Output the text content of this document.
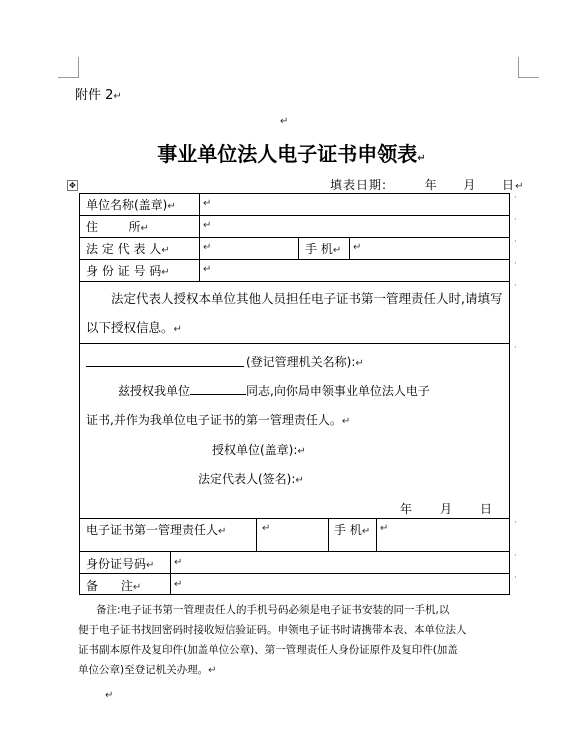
附件 2↵
↵
事业单位法人电子证书申领表↵
✥	填表日期:	年 月 日↵
单位名称(盖章)↵	↵
住        所↵	↵
法 定 代 表 人↵	↵	手 机↵ ↵
身 份 证 号 码↵	↵
法定代表人授权本单位其他人员担任电子证书第一管理责任人时,请填写以下授权信息。↵
(登记管理机关名称):↵
兹授权我单位	同志,向你局申领事业单位法人电子
证书,并作为我单位电子证书的第一管理责任人。↵
授权单位(盖章):↵
法定代表人(签名):↵
年 月 日
电子证书第一管理责任人↵	↵	手 机↵ ↵
身份证号码↵ ↵
备      注↵	↵
备注:电子证书第一管理责任人的手机号码必须是电子证书安装的同一手机,以
便于电子证书找回密码时接收短信验证码。申领电子证书时请携带本表、本单位法人
证书副本原件及复印件(加盖单位公章)、第一管理责任人身份证原件及复印件(加盖
单位公章)至登记机关办理。↵
↵
·
·
·
·
·
·
·
·
·
